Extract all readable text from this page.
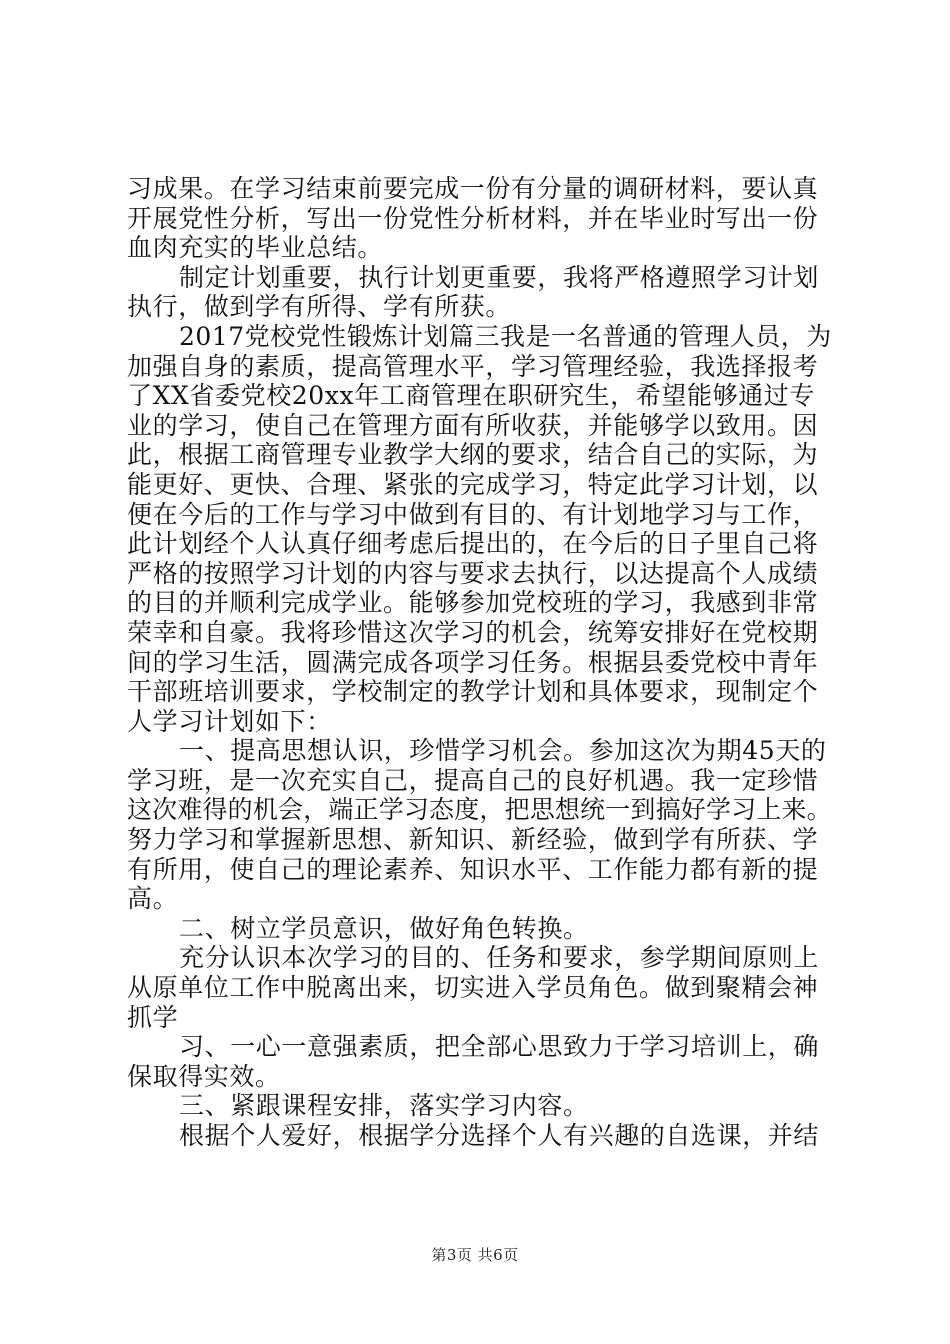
习成果。在学习结束前要完成一份有分量的调研材料，要认真
开展党性分析，写出一份党性分析材料，并在毕业时写出一份
血肉充实的毕业总结。
制定计划重要，执行计划更重要，我将严格遵照学习计划
执行，做到学有所得、学有所获。
2017党校党性锻炼计划篇三我是一名普通的管理人员，为
加强自身的素质，提高管理水平，学习管理经验，我选择报考
了XX省委党校20xx年工商管理在职研究生，希望能够通过专
业的学习，使自己在管理方面有所收获，并能够学以致用。因
此，根据工商管理专业教学大纲的要求，结合自己的实际，为
能更好、更快、合理、紧张的完成学习，特定此学习计划，以
便在今后的工作与学习中做到有目的、有计划地学习与工作，
此计划经个人认真仔细考虑后提出的，在今后的日子里自己将
严格的按照学习计划的内容与要求去执行，以达提高个人成绩
的目的并顺利完成学业。能够参加党校班的学习，我感到非常
荣幸和自豪。我将珍惜这次学习的机会，统筹安排好在党校期
间的学习生活，圆满完成各项学习任务。根据县委党校中青年
干部班培训要求，学校制定的教学计划和具体要求，现制定个
人学习计划如下：
一、提高思想认识，珍惜学习机会。参加这次为期45天的
学习班，是一次充实自己，提高自己的良好机遇。我一定珍惜
这次难得的机会，端正学习态度，把思想统一到搞好学习上来。
努力学习和掌握新思想、新知识、新经验，做到学有所获、学
有所用，使自己的理论素养、知识水平、工作能力都有新的提
高。
二、树立学员意识，做好角色转换。
充分认识本次学习的目的、任务和要求，参学期间原则上
从原单位工作中脱离出来，切实进入学员角色。做到聚精会神
抓学
习、一心一意强素质，把全部心思致力于学习培训上，确
保取得实效。
三、紧跟课程安排，落实学习内容。
根据个人爱好，根据学分选择个人有兴趣的自选课，并结
第3页 共6页
